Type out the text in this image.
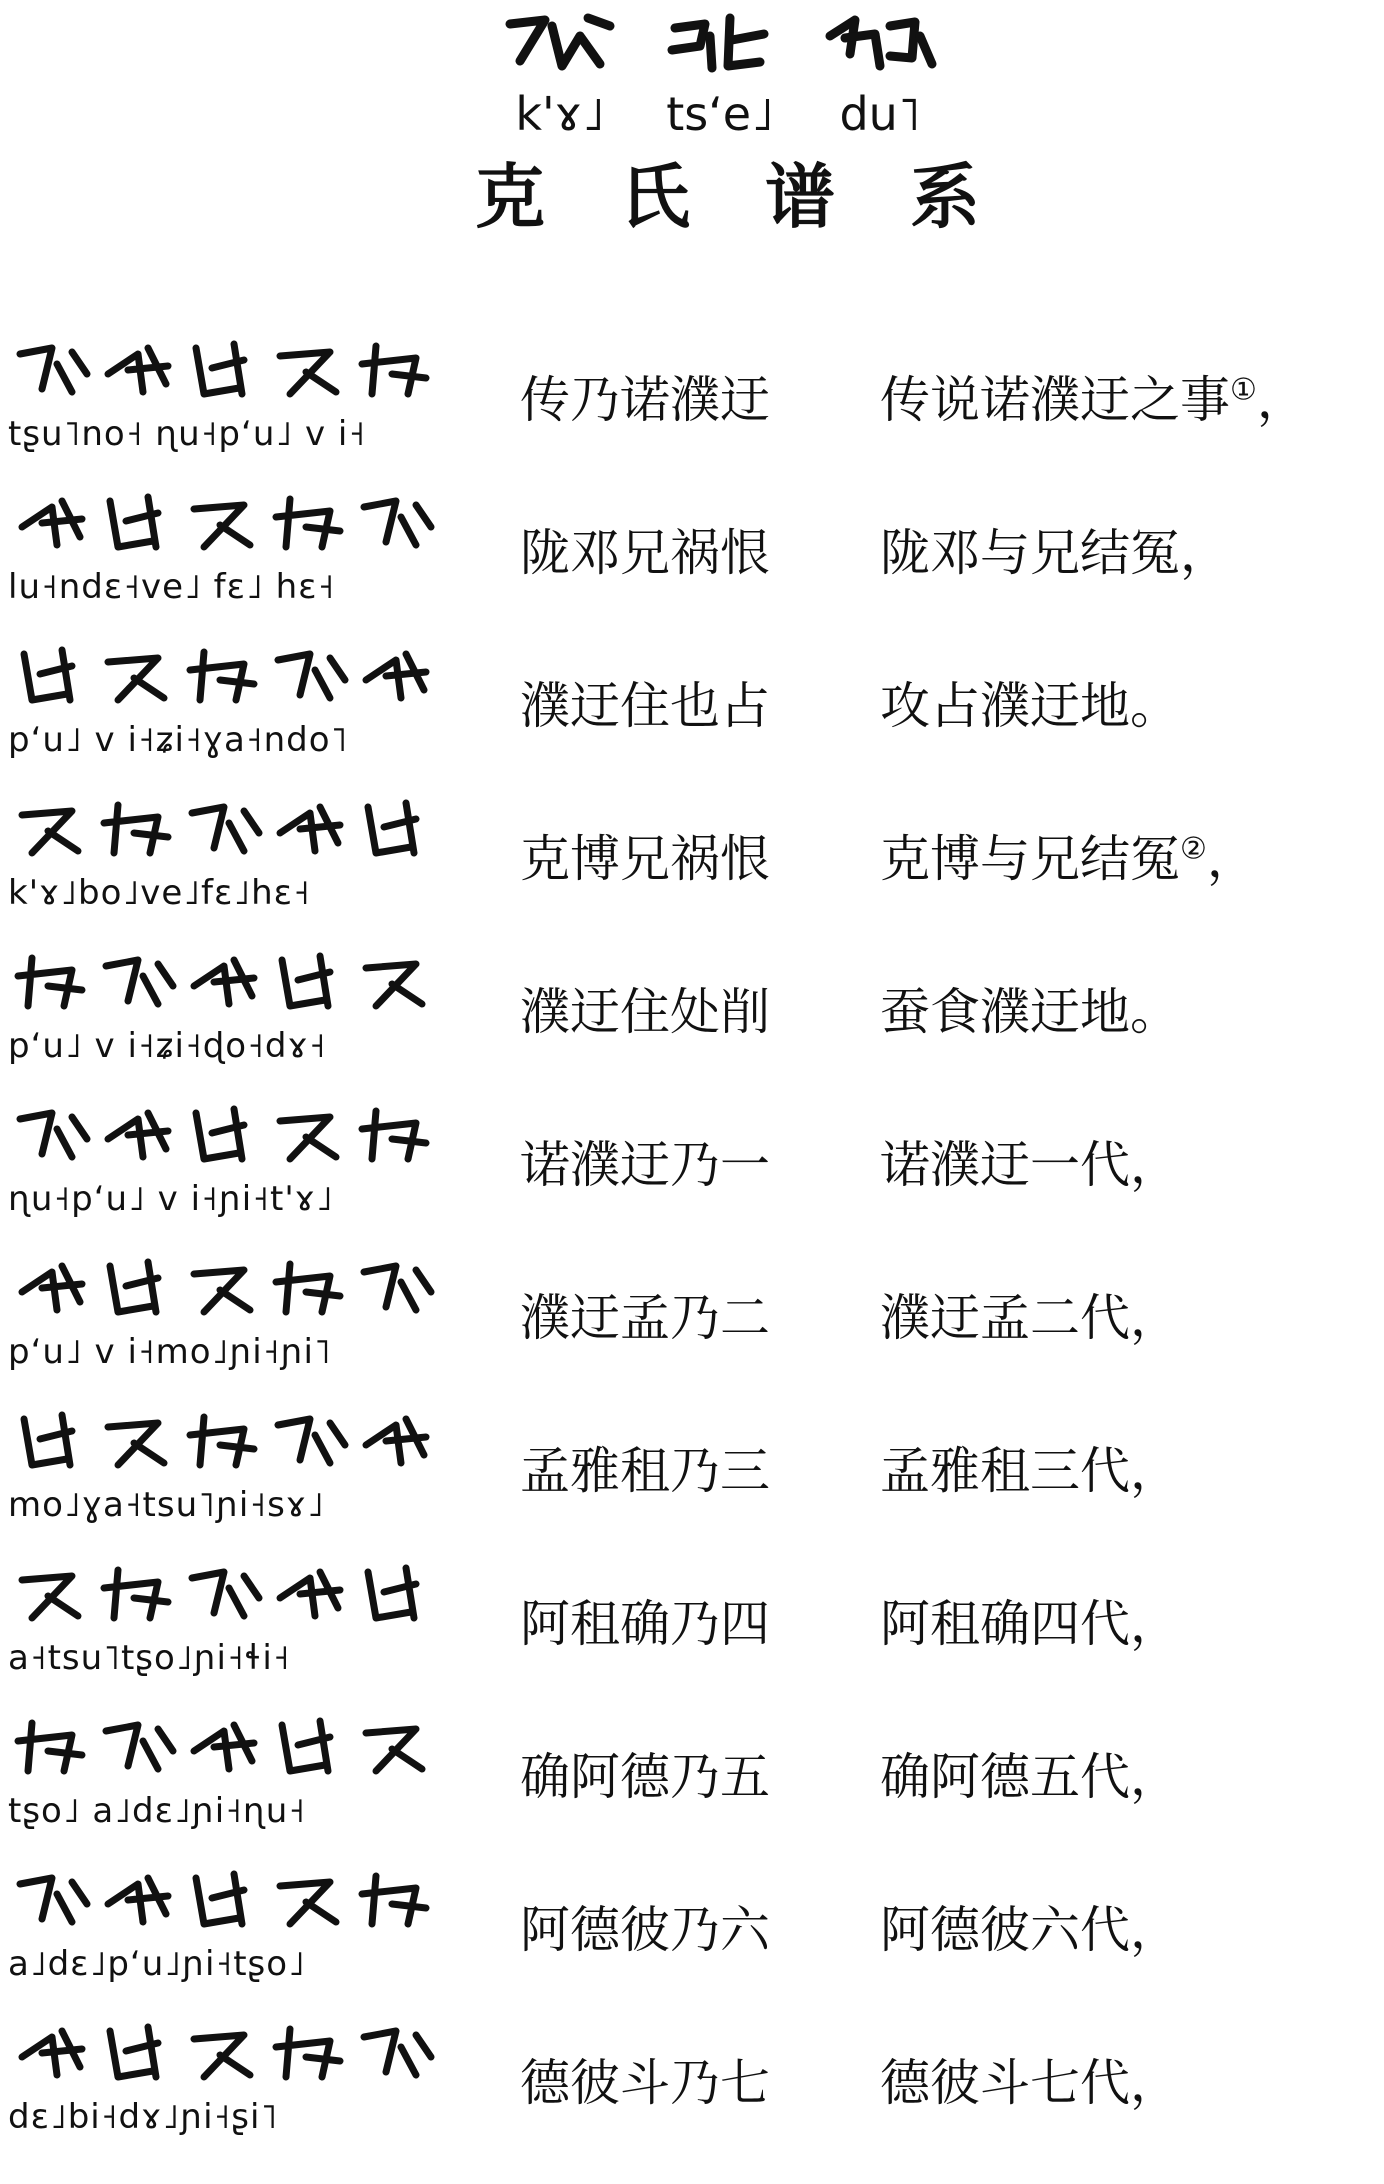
k'ɤ˩	tsʻe˩	du˥
克	氏	谱	系
tʂu˥no˧ ɳu˧pʻu˩ v i˧
传乃诺濮迂	传说诺濮迂之事①，
lu˧ndɛ˧ve˩ fɛ˩ hɛ˧
陇邓兄祸恨	陇邓与兄结冤，
pʻu˩ v i˧ʑi˧ɣa˧ndo˥
濮迂住也占	攻占濮迂地。
k'ɤ˩bo˩ve˩fɛ˩hɛ˧
克博兄祸恨	克博与兄结冤②，
pʻu˩ v i˧ʑi˧ɖo˧dɤ˧
濮迂住处削	蚕食濮迂地。
ɳu˧pʻu˩ v i˧ɲi˧t'ɤ˩
诺濮迂乃一	诺濮迂一代，
pʻu˩ v i˧mo˩ɲi˧ɲi˥
濮迂孟乃二	濮迂孟二代，
mo˩ɣa˧tsu˥ɲi˧sɤ˩
孟雅租乃三	孟雅租三代，
a˧tsu˥tʂo˩ɲi˧ɬi˧
阿租确乃四	阿租确四代，
tʂo˩ a˩dɛ˩ɲi˧ɳu˧
确阿德乃五	确阿德五代，
a˩dɛ˩pʻu˩ɲi˧tʂo˩
阿德彼乃六	阿德彼六代，
dɛ˩bi˧dɤ˩ɲi˧ʂi˥
德彼斗乃七	德彼斗七代，
